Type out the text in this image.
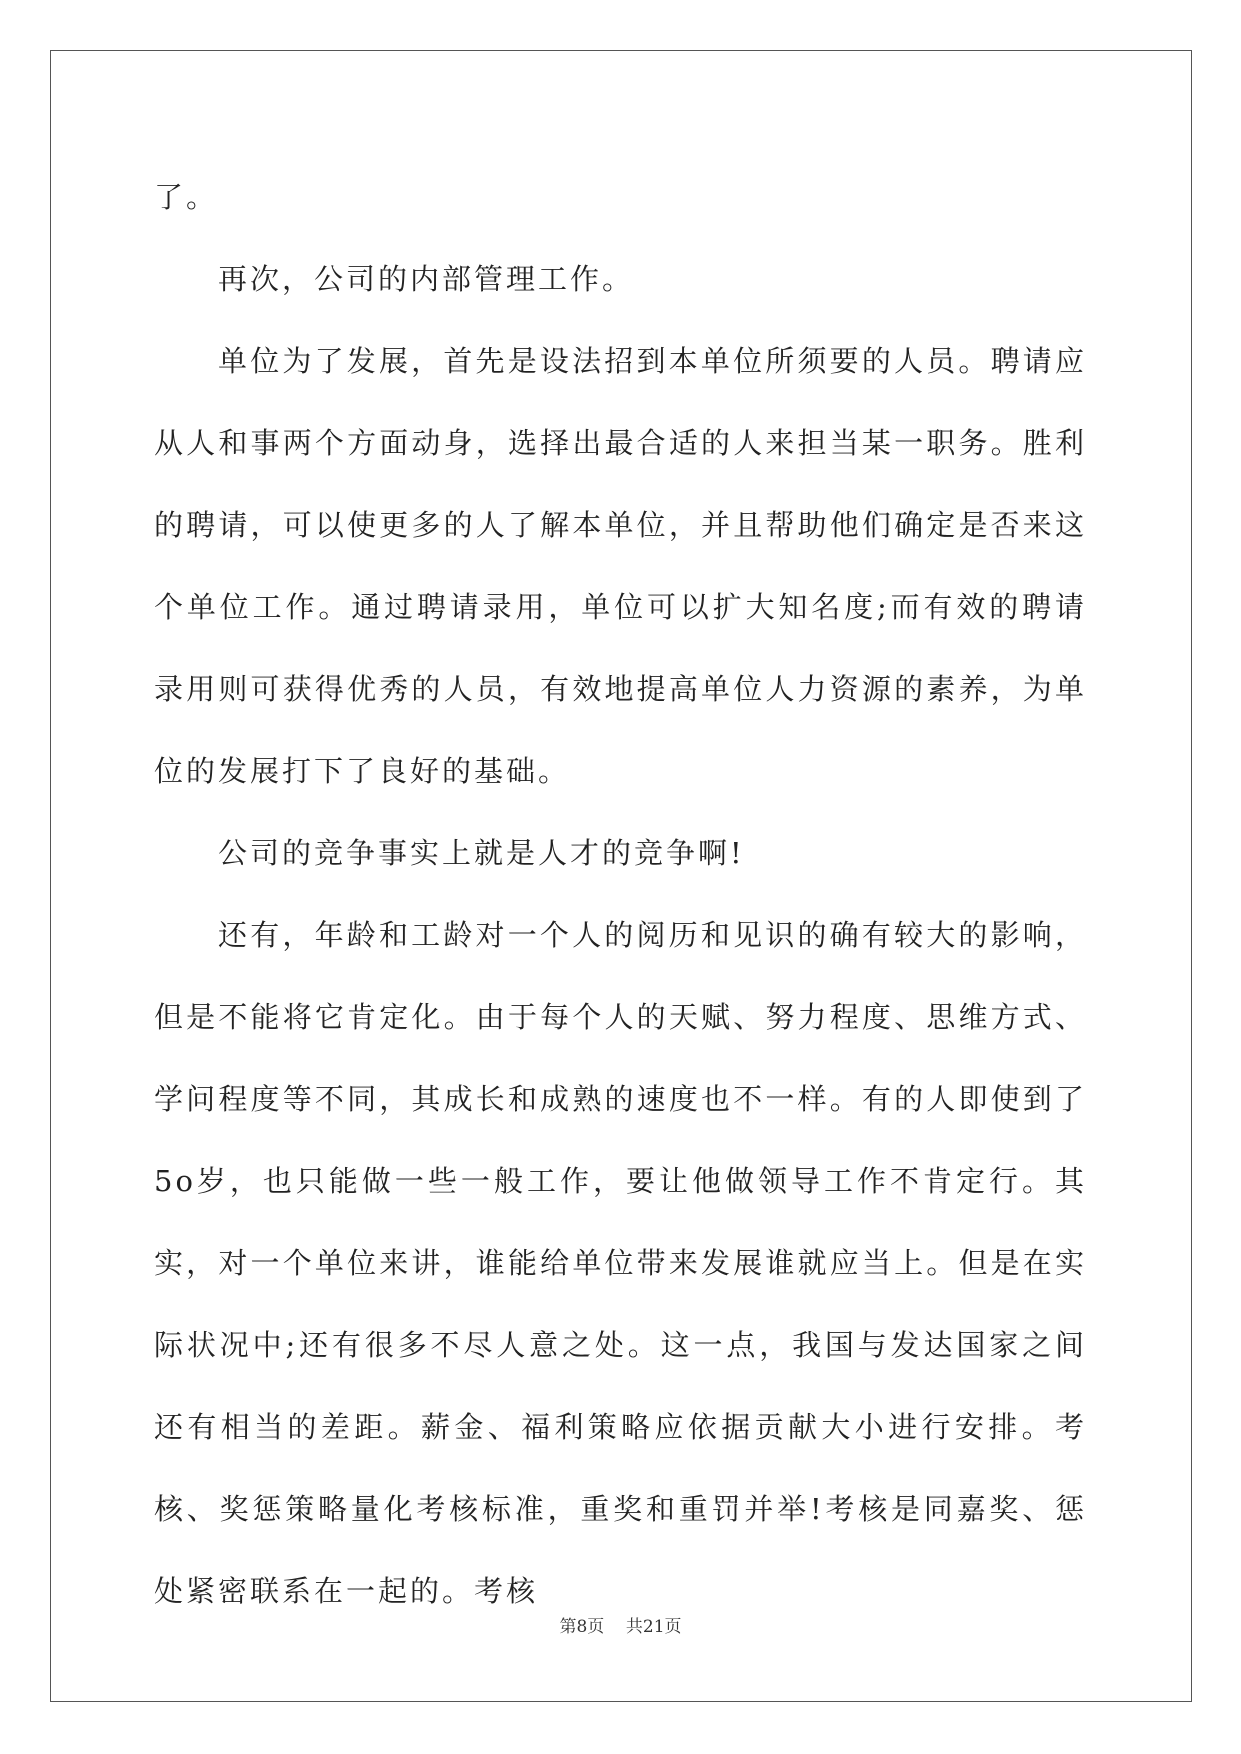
了。

再次，公司的内部管理工作。

单位为了发展，首先是设法招到本单位所须要的人员。聘请应从人和事两个方面动身，选择出最合适的人来担当某一职务。胜利的聘请，可以使更多的人了解本单位，并且帮助他们确定是否来这个单位工作。通过聘请录用，单位可以扩大知名度;而有效的聘请录用则可获得优秀的人员，有效地提高单位人力资源的素养，为单位的发展打下了良好的基础。

公司的竞争事实上就是人才的竞争啊!

还有，年龄和工龄对一个人的阅历和见识的确有较大的影响，但是不能将它肯定化。由于每个人的天赋、努力程度、思维方式、学问程度等不同，其成长和成熟的速度也不一样。有的人即使到了5o岁，也只能做一些一般工作，要让他做领导工作不肯定行。其实，对一个单位来讲，谁能给单位带来发展谁就应当上。但是在实际状况中;还有很多不尽人意之处。这一点，我国与发达国家之间还有相当的差距。薪金、福利策略应依据贡献大小进行安排。考核、奖惩策略量化考核标准，重奖和重罚并举!考核是同嘉奖、惩处紧密联系在一起的。考核

第8页 共21页
